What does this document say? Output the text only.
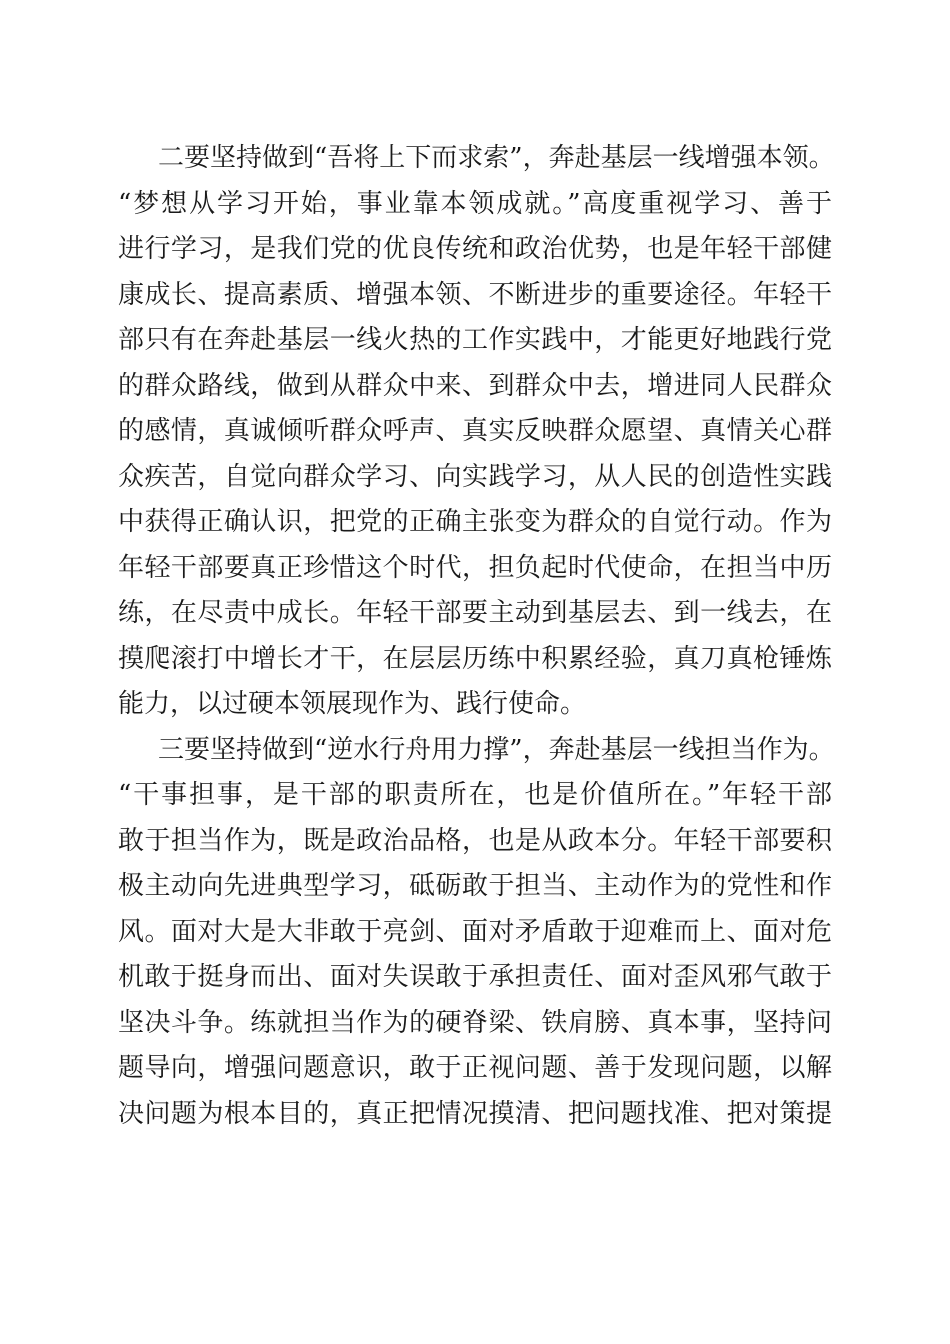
二要坚持做到“吾将上下而求索”，奔赴基层一线增强本领。
“梦想从学习开始，事业靠本领成就。”高度重视学习、善于
进行学习，是我们党的优良传统和政治优势，也是年轻干部健
康成长、提高素质、增强本领、不断进步的重要途径。年轻干
部只有在奔赴基层一线火热的工作实践中，才能更好地践行党
的群众路线，做到从群众中来、到群众中去，增进同人民群众
的感情，真诚倾听群众呼声、真实反映群众愿望、真情关心群
众疾苦，自觉向群众学习、向实践学习，从人民的创造性实践
中获得正确认识，把党的正确主张变为群众的自觉行动。作为
年轻干部要真正珍惜这个时代，担负起时代使命，在担当中历
练，在尽责中成长。年轻干部要主动到基层去、到一线去，在
摸爬滚打中增长才干，在层层历练中积累经验，真刀真枪锤炼
能力，以过硬本领展现作为、践行使命。
三要坚持做到“逆水行舟用力撑”，奔赴基层一线担当作为。
“干事担事，是干部的职责所在，也是价值所在。”年轻干部
敢于担当作为，既是政治品格，也是从政本分。年轻干部要积
极主动向先进典型学习，砥砺敢于担当、主动作为的党性和作
风。面对大是大非敢于亮剑、面对矛盾敢于迎难而上、面对危
机敢于挺身而出、面对失误敢于承担责任、面对歪风邪气敢于
坚决斗争。练就担当作为的硬脊梁、铁肩膀、真本事，坚持问
题导向，增强问题意识，敢于正视问题、善于发现问题，以解
决问题为根本目的，真正把情况摸清、把问题找准、把对策提
